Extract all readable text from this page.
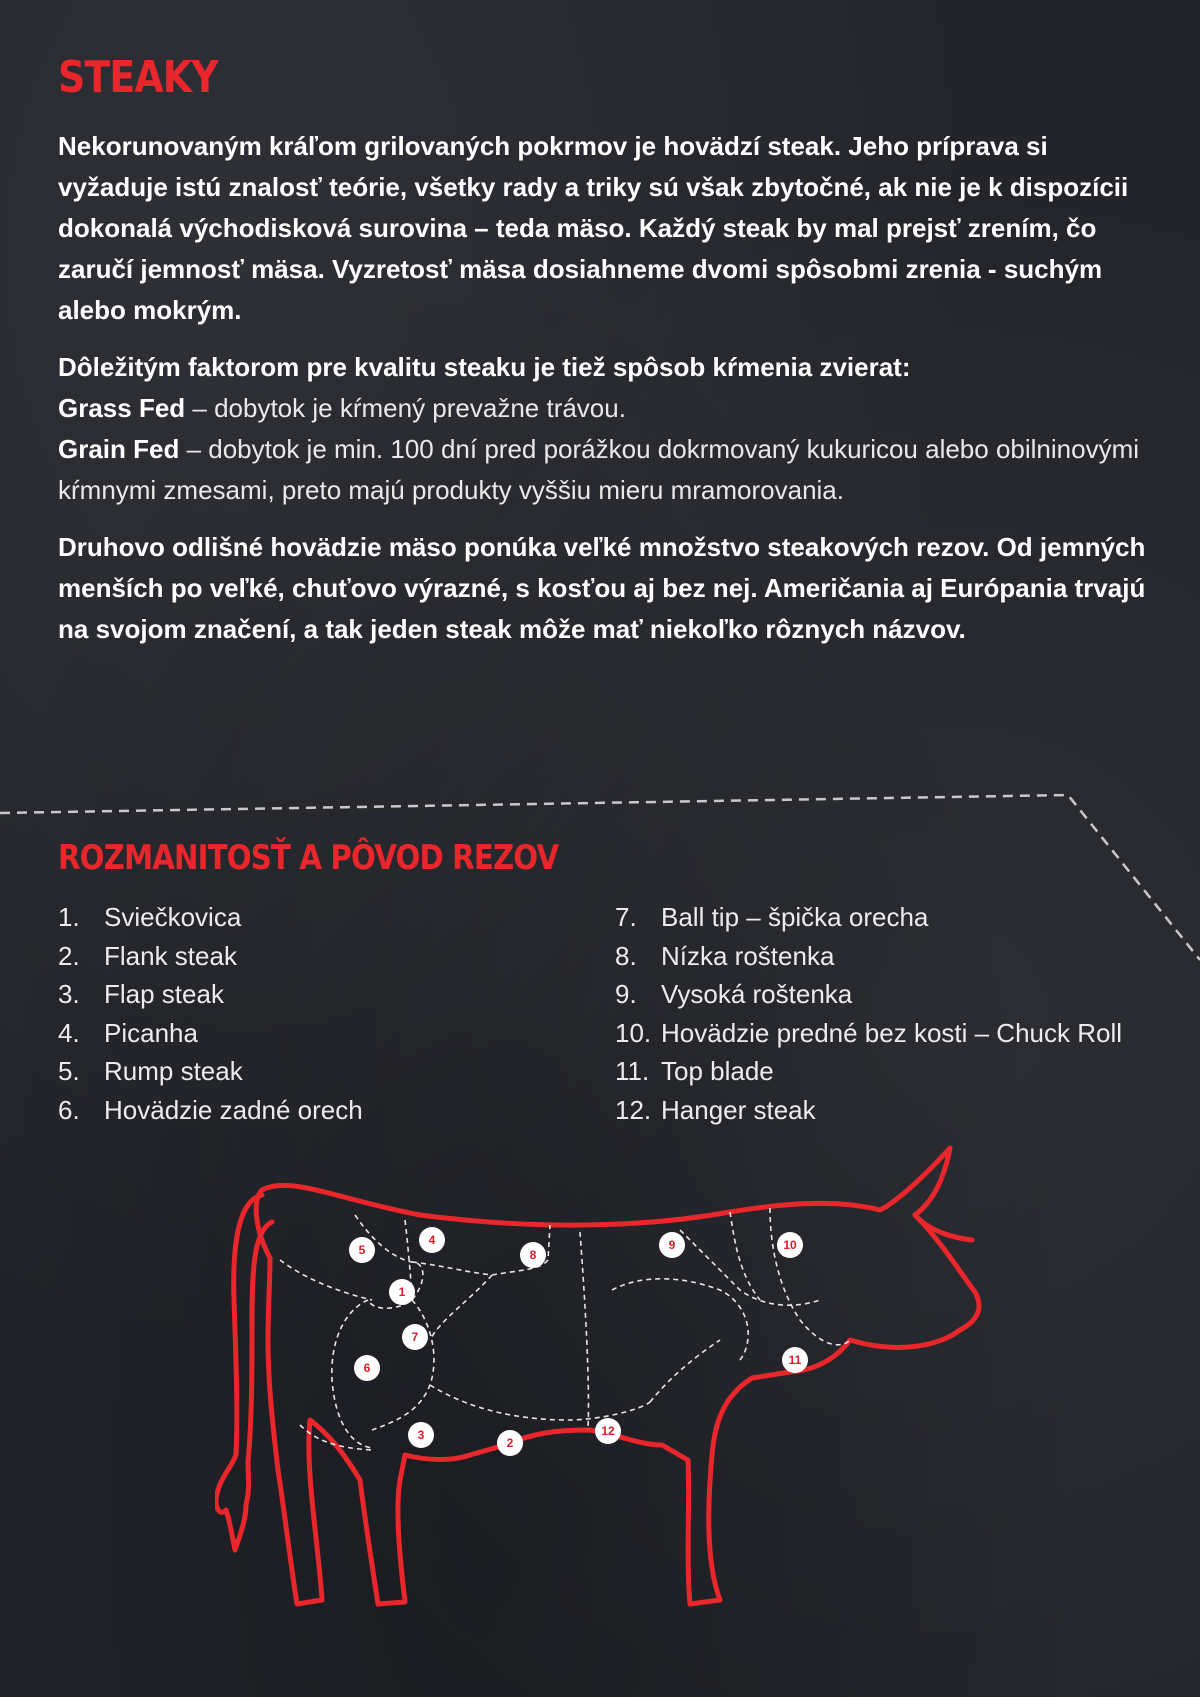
STEAKY

Nekorunovaným kráľom grilovaných pokrmov je hovädzí steak. Jeho príprava si vyžaduje istú znalosť teórie, všetky rady a triky sú však zbytočné, ak nie je k dispozícii dokonalá východisková surovina – teda mäso. Každý steak by mal prejsť zrením, čo zaručí jemnosť mäsa. Vyzretosť mäsa dosiahneme dvomi spôsobmi zrenia - suchým alebo mokrým.

Dôležitým faktorom pre kvalitu steaku je tiež spôsob kŕmenia zvierat:
Grass Fed – dobytok je kŕmený prevažne trávou.
Grain Fed – dobytok je min. 100 dní pred porážkou dokrmovaný kukuricou alebo obilninovými kŕmnymi zmesami, preto majú produkty vyššiu mieru mramorovania.

Druhovo odlišné hovädzie mäso ponúka veľké množstvo steakových rezov. Od jemných menších po veľké, chuťovo výrazné, s kosťou aj bez nej. Američania aj Európania trvajú na svojom značení, a tak jeden steak môže mať niekoľko rôznych názvov.

ROZMANITOSŤ A PÔVOD REZOV
1. Sviečkovica
2. Flank steak
3. Flap steak
4. Picanha
5. Rump steak
6. Hovädzie zadné orech
7. Ball tip – špička orecha
8. Nízka roštenka
9. Vysoká roštenka
10. Hovädzie predné bez kosti – Chuck Roll
11. Top blade
12. Hanger steak
1
2
3
4
5
6
7
8
9	10
11
12
